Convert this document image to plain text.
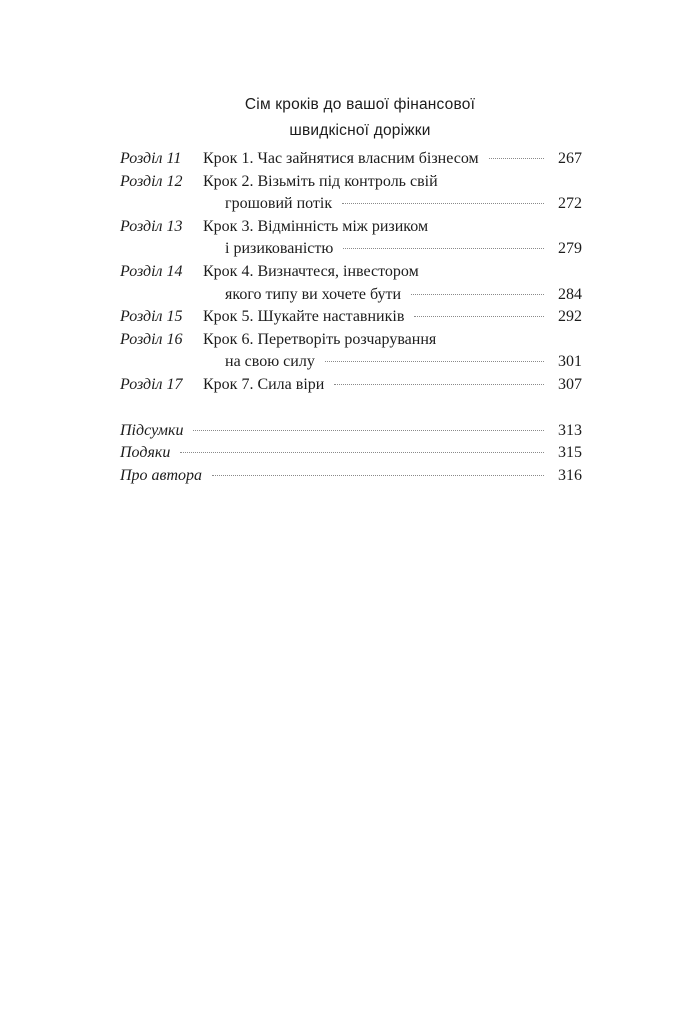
Сім кроків до вашої фінансової
швидкісної доріжки
Розділ 11	Крок 1. Час зайнятися власним бізнесом	267
Розділ 12	Крок 2. Візьміть під контроль свій
грошовий потік	272
Розділ 13	Крок 3. Відмінність між ризиком
і ризикованістю	279
Розділ 14	Крок 4. Визначтеся, інвестором
якого типу ви хочете бути	284
Розділ 15	Крок 5. Шукайте наставників	292
Розділ 16	Крок 6. Перетворіть розчарування
на свою силу	301
Розділ 17	Крок 7. Сила віри	307
Підсумки	313
Подяки	315
Про автора	316
